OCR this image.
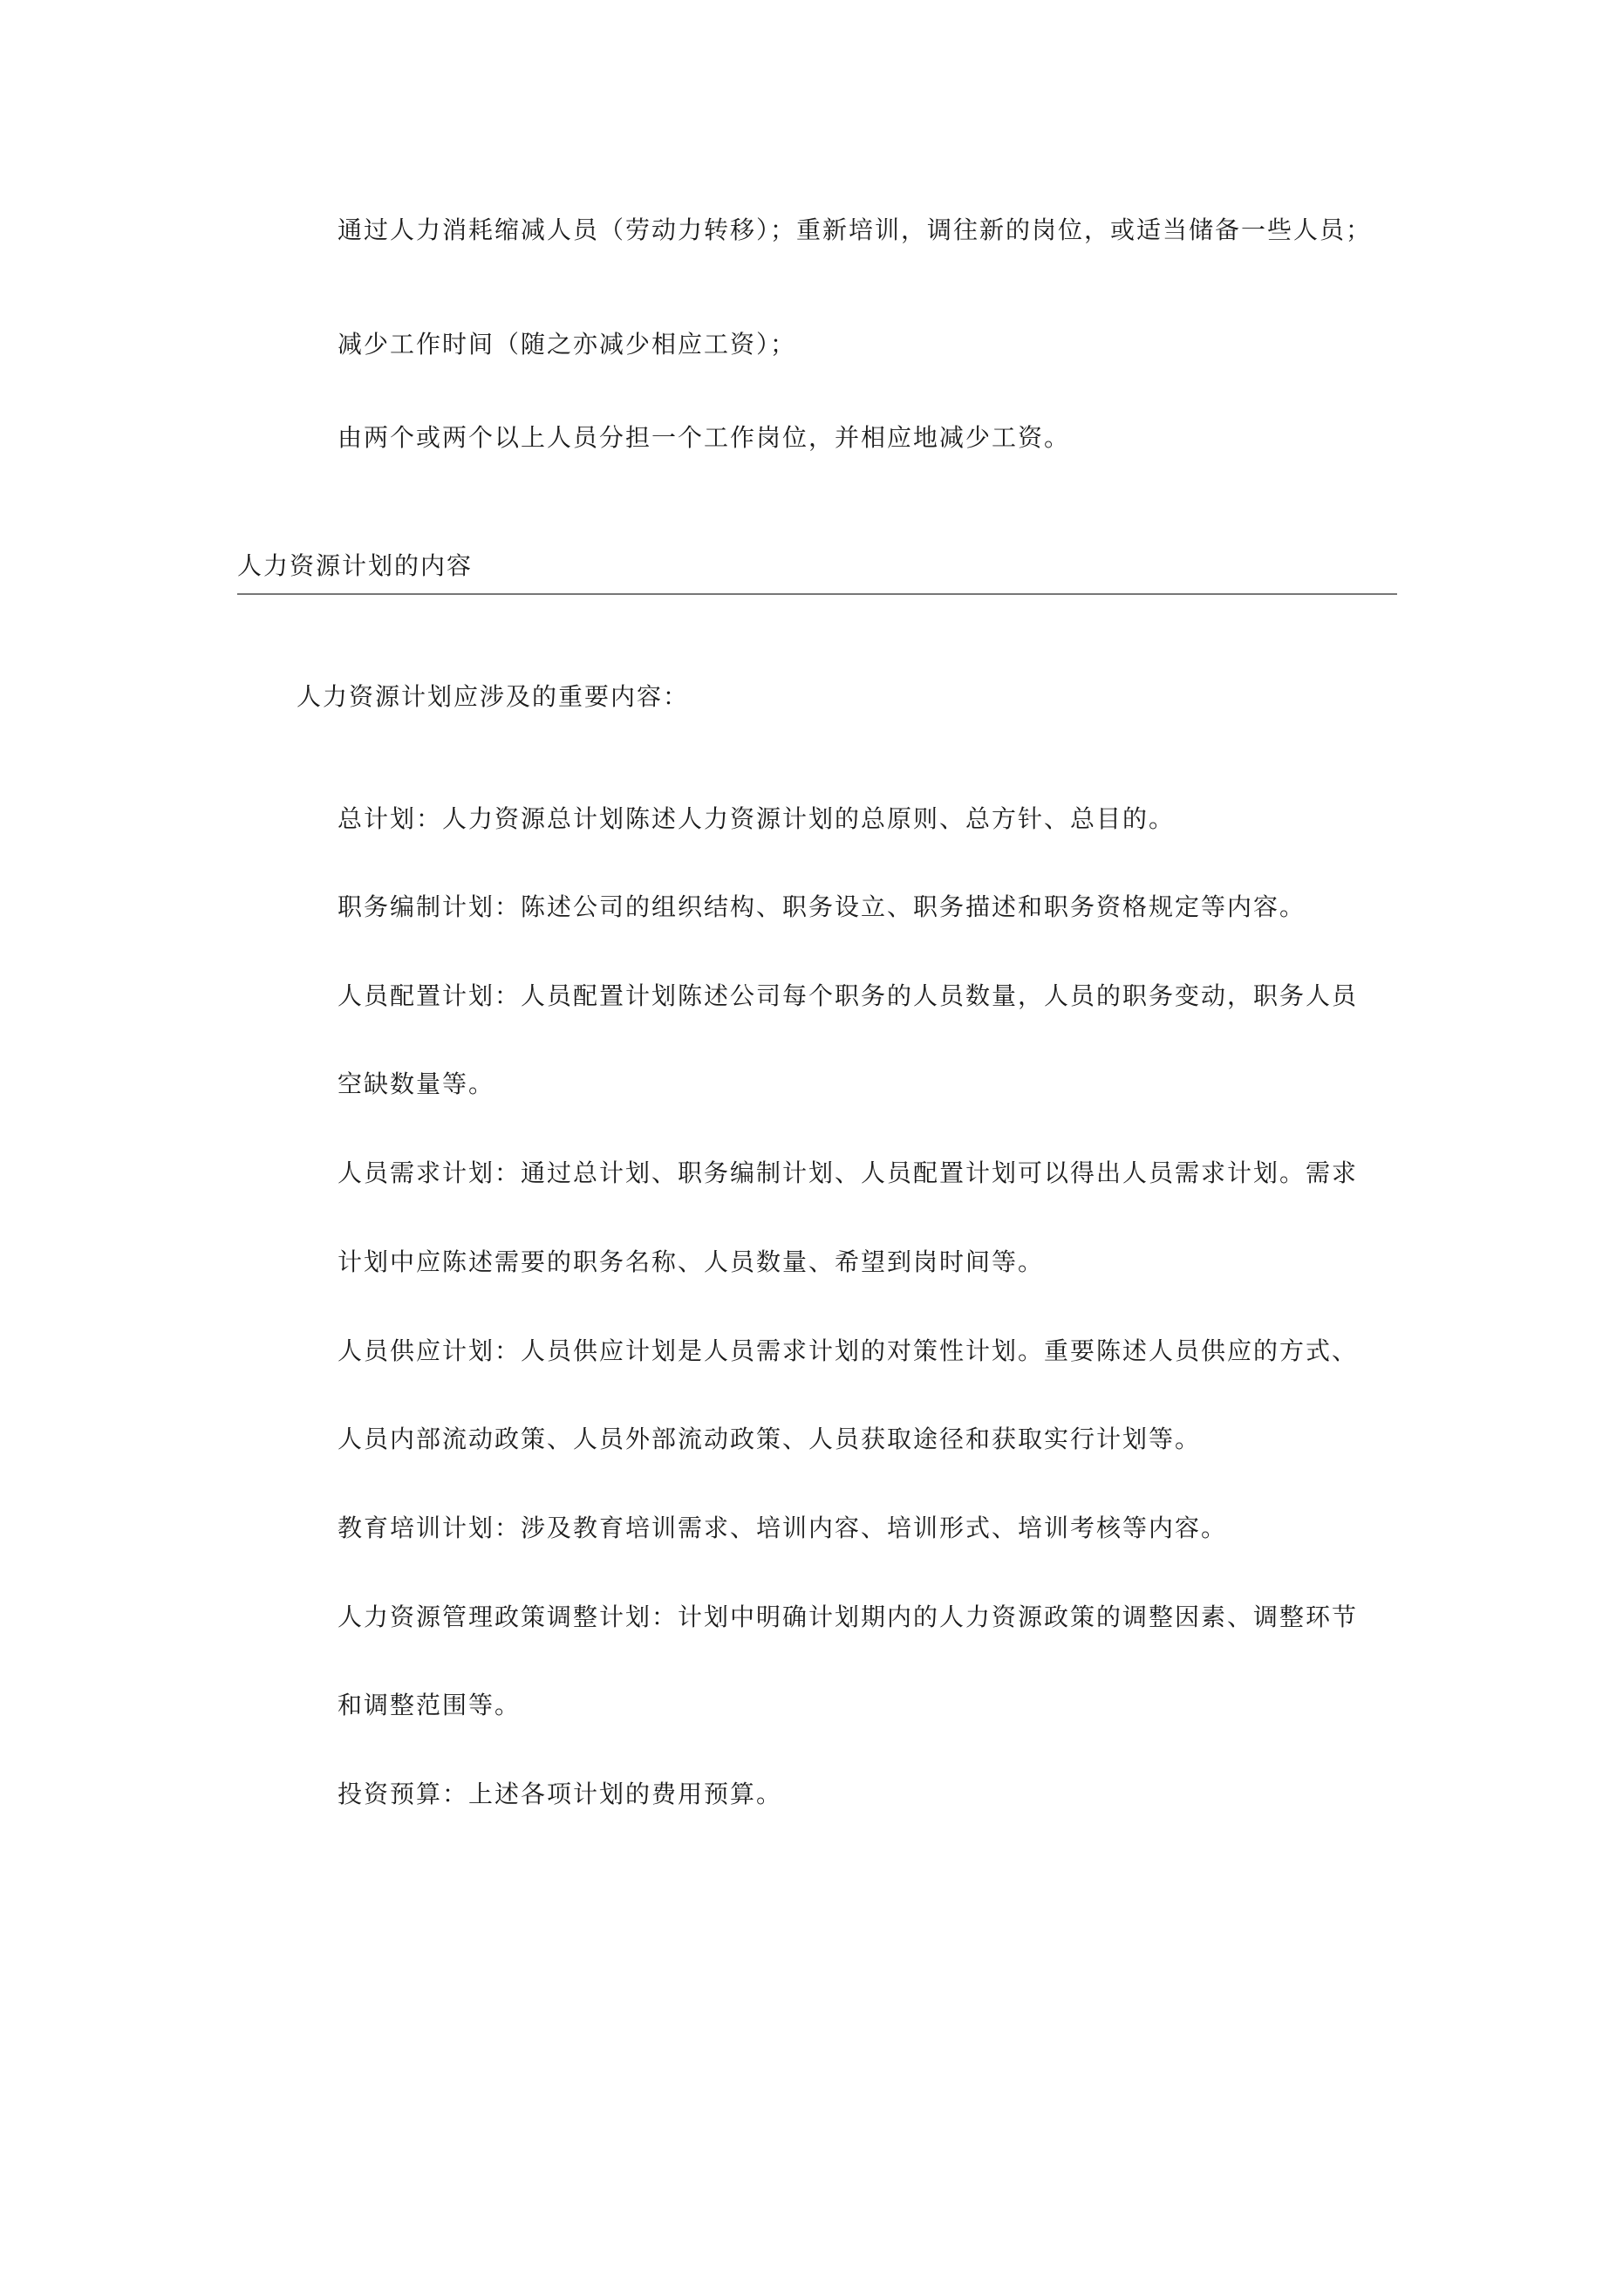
通过人力消耗缩减人员（劳动力转移）；重新培训，调往新的岗位，或适当储备一些人员；

减少工作时间（随之亦减少相应工资）；

由两个或两个以上人员分担一个工作岗位，并相应地减少工资。

人力资源计划的内容

人力资源计划应涉及的重要内容：

总计划：人力资源总计划陈述人力资源计划的总原则、总方针、总目的。

职务编制计划：陈述公司的组织结构、职务设立、职务描述和职务资格规定等内容。

人员配置计划：人员配置计划陈述公司每个职务的人员数量，人员的职务变动，职务人员

空缺数量等。

人员需求计划：通过总计划、职务编制计划、人员配置计划可以得出人员需求计划。需求

计划中应陈述需要的职务名称、人员数量、希望到岗时间等。

人员供应计划：人员供应计划是人员需求计划的对策性计划。重要陈述人员供应的方式、

人员内部流动政策、人员外部流动政策、人员获取途径和获取实行计划等。

教育培训计划：涉及教育培训需求、培训内容、培训形式、培训考核等内容。

人力资源管理政策调整计划：计划中明确计划期内的人力资源政策的调整因素、调整环节

和调整范围等。

投资预算：上述各项计划的费用预算。
